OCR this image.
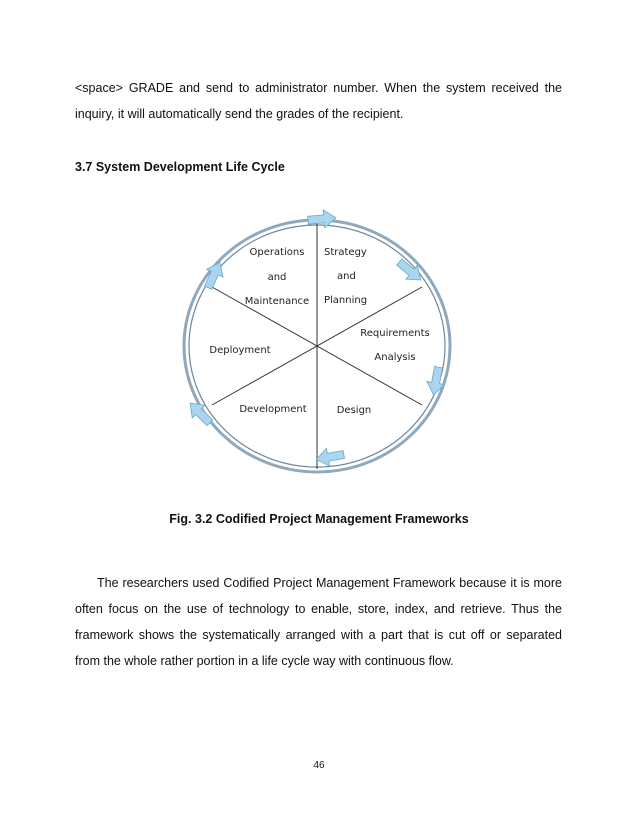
<space> GRADE and send to administrator number. When the system received the inquiry, it will automatically send the grades of the recipient.

3.7 System Development Life Cycle

Operations
and
Maintenance
Strategy
and
Planning
Requirements
Analysis
Design
Development
Deployment

Fig. 3.2 Codified Project Management Frameworks

The researchers used Codified Project Management Framework because it is more often focus on the use of technology to enable, store, index, and retrieve. Thus the framework shows the systematically arranged with a part that is cut off or separated from the whole rather portion in a life cycle way with continuous flow.

46
